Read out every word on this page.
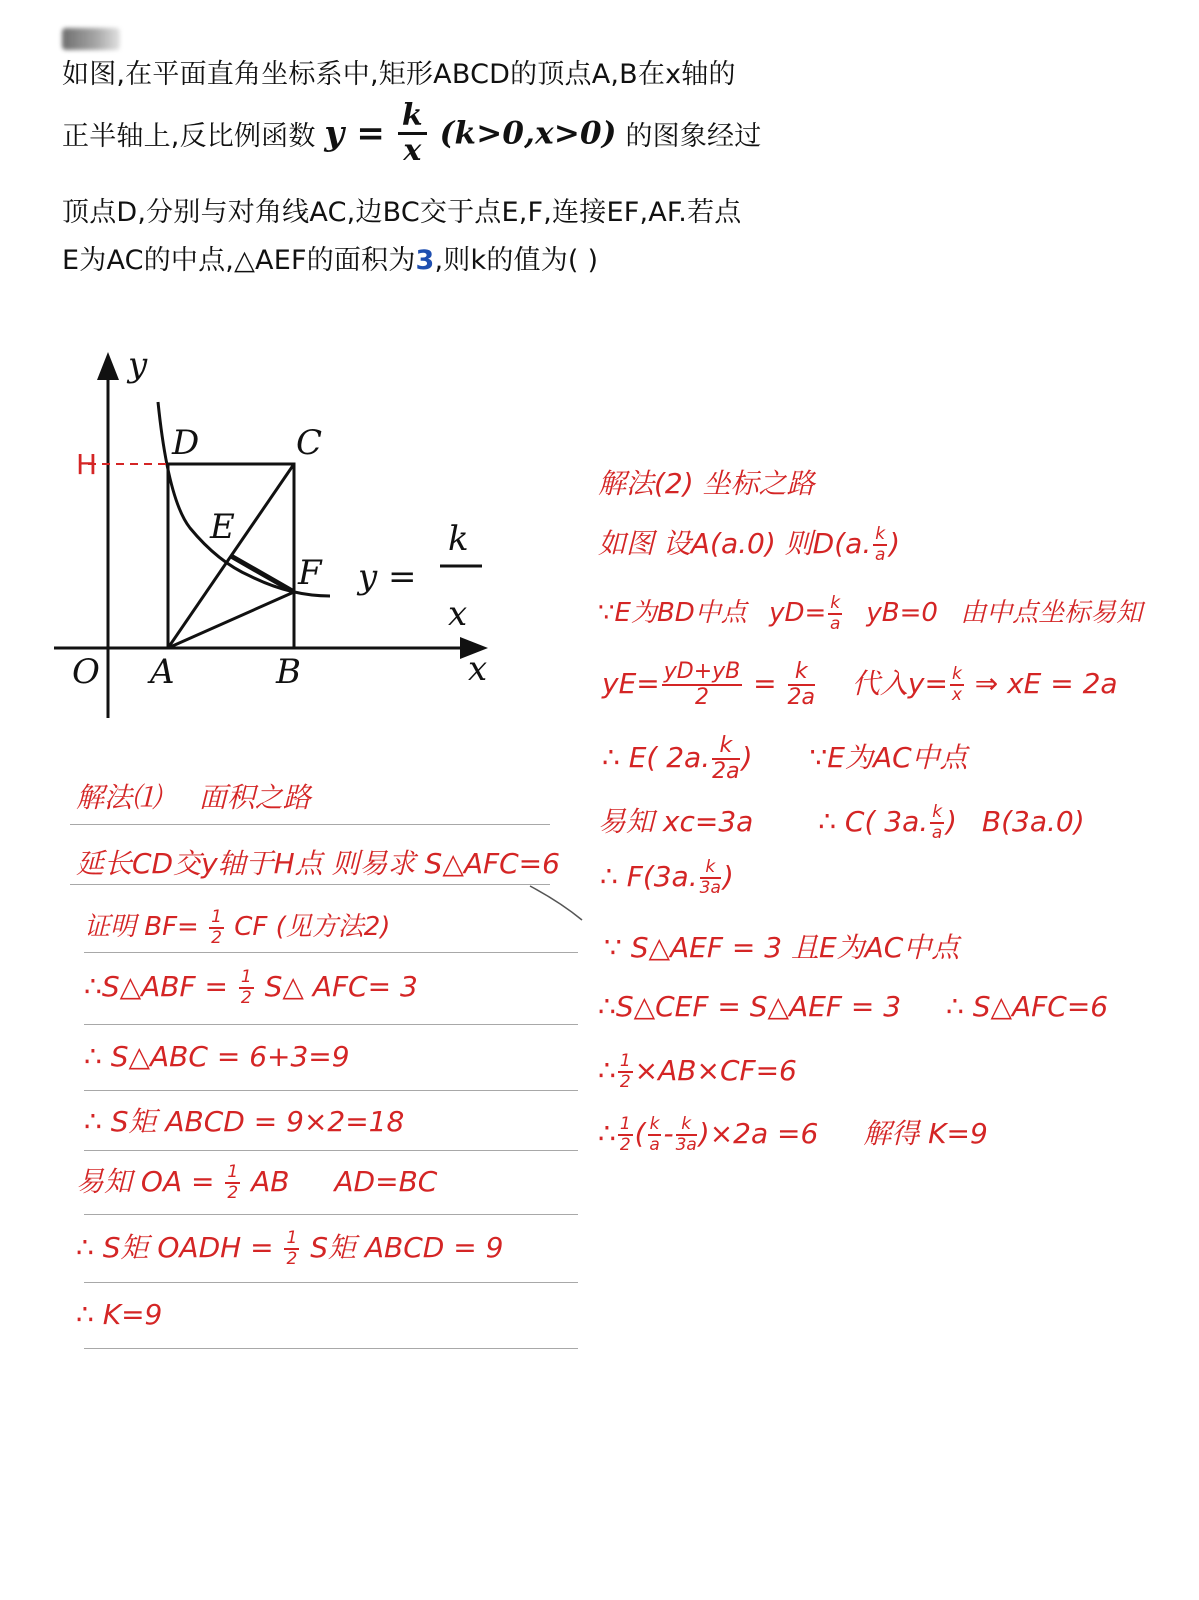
如图,在平面直角坐标系中,矩形ABCD的顶点A,B在x轴的
正半轴上,反比例函数 $y = \frac{k}{x} (k>0,x>0)$ 的图象经过
顶点D,分别与对角线AC,边BC交于点E,F,连接EF,AF.若点
E为AC的中点,△AEF的面积为3,则k的值为( )
y
x
O A	B
C
D
E
F y =
k
x
H
解法⑴ 面积之路
延长CD交y轴于H点 则易求 S△AFC=6
证明 $BF= \frac{1}{2}$ CF (见方法2)
∴S△ABF = $\frac{1}{2}$ S△ AFC= 3
∴ S△ABC = 6+3=9
∴ S矩 ABCD = 9×2=18
易知 OA = $\frac{1}{2}$ AB AD=BC
∴ S矩 OADH = $\frac{1}{2}$ S矩 ABCD = 9
∴ K=9
解法(2) 坐标之路
如图 设A(a.0) 则D(a. $\frac{k}{a}$ )
∵E为BD中点 $yD= \frac{k}{a} yB=0$ 由中点坐标易知
$yE= \frac{yD+yB}{2} = \frac{k}{2a}$ 代入$y= \frac{k}{x}$ ⇒ xE = 2a
∴ E( 2a. $\frac{k}{2a}$ ) ∵E为AC中点
易知 xc=3a ∴ C( 3a. $\frac{k}{a}$ ) B(3a.0)
∴ F(3a. $\frac{k}{3a}$ )
∵ S△AEF = 3 且E为AC中点
∴S△CEF = S△AEF = 3 ∴ S△AFC=6
∴ $\frac{1}{2} \times AB\times CF=6$
∴ $\frac{1}{2}$ ( $\frac{k}{a} - \frac{k}{3a} )\times 2a =6$ 解得 K=9
